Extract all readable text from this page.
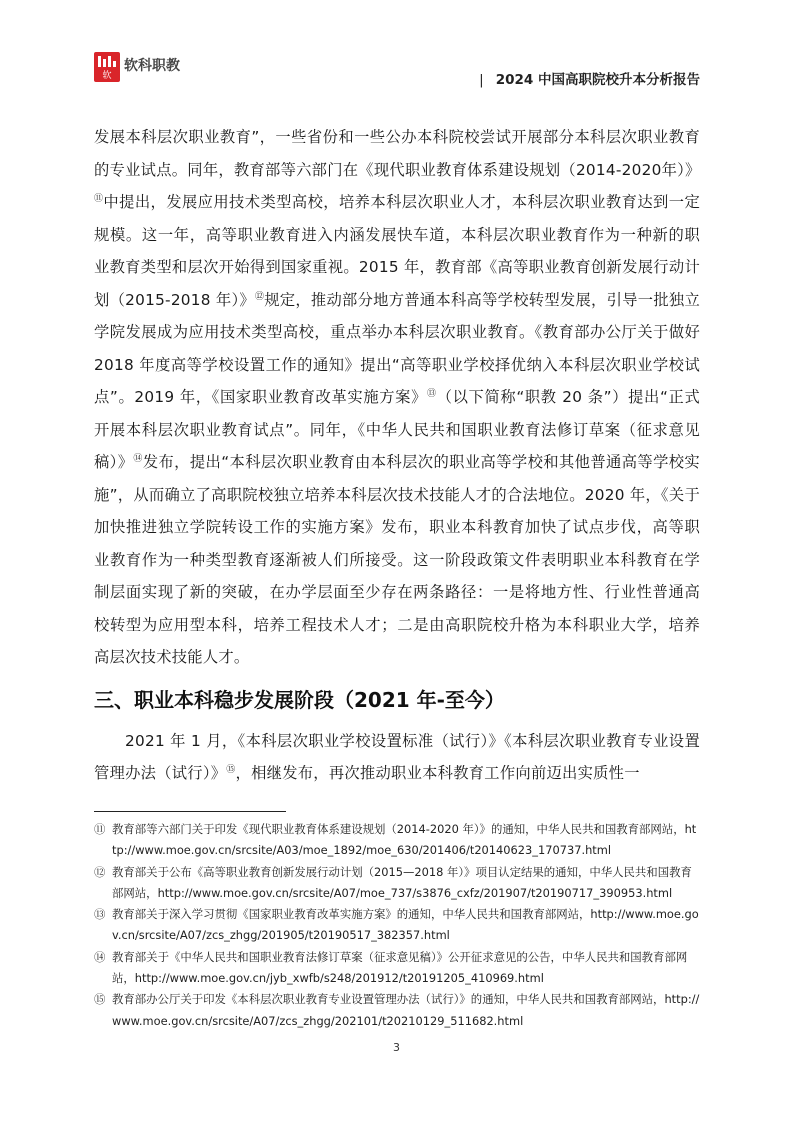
软
软科职教
| 2024 中国高职院校升本分析报告

发展本科层次职业教育”，一些省份和一些公办本科院校尝试开展部分本科层次职业教育的专业试点。同年，教育部等六部门在《现代职业教育体系建设规划（2014-2020年）》⑪中提出，发展应用技术类型高校，培养本科层次职业人才，本科层次职业教育达到一定规模。这一年，高等职业教育进入内涵发展快车道，本科层次职业教育作为一种新的职业教育类型和层次开始得到国家重视。2015 年，教育部《高等职业教育创新发展行动计划（2015-2018 年）》⑫规定，推动部分地方普通本科高等学校转型发展，引导一批独立学院发展成为应用技术类型高校，重点举办本科层次职业教育。《教育部办公厅关于做好 2018 年度高等学校设置工作的通知》提出“高等职业学校择优纳入本科层次职业学校试点”。2019 年，《国家职业教育改革实施方案》⑬（以下简称“职教 20 条”）提出“正式开展本科层次职业教育试点”。同年，《中华人民共和国职业教育法修订草案（征求意见稿）》⑭发布，提出“本科层次职业教育由本科层次的职业高等学校和其他普通高等学校实施”，从而确立了高职院校独立培养本科层次技术技能人才的合法地位。2020 年，《关于加快推进独立学院转设工作的实施方案》发布，职业本科教育加快了试点步伐，高等职业教育作为一种类型教育逐渐被人们所接受。这一阶段政策文件表明职业本科教育在学制层面实现了新的突破，在办学层面至少存在两条路径：一是将地方性、行业性普通高校转型为应用型本科，培养工程技术人才；二是由高职院校升格为本科职业大学，培养高层次技术技能人才。

三、职业本科稳步发展阶段（2021 年-至今）

2021 年 1 月，《本科层次职业学校设置标准（试行）》《本科层次职业教育专业设置管理办法（试行）》⑮，相继发布，再次推动职业本科教育工作向前迈出实质性一

⑪ 教育部等六部门关于印发《现代职业教育体系建设规划（2014-2020 年）》的通知，中华人民共和国教育部网站，http://www.moe.gov.cn/srcsite/A03/moe_1892/moe_630/201406/t20140623_170737.html
⑫ 教育部关于公布《高等职业教育创新发展行动计划（2015—2018 年）》项目认定结果的通知，中华人民共和国教育部网站，http://www.moe.gov.cn/srcsite/A07/moe_737/s3876_cxfz/201907/t20190717_390953.html
⑬ 教育部关于深入学习贯彻《国家职业教育改革实施方案》的通知，中华人民共和国教育部网站，http://www.moe.gov.cn/srcsite/A07/zcs_zhgg/201905/t20190517_382357.html
⑭ 教育部关于《中华人民共和国职业教育法修订草案（征求意见稿）》公开征求意见的公告，中华人民共和国教育部网站，http://www.moe.gov.cn/jyb_xwfb/s248/201912/t20191205_410969.html
⑮ 教育部办公厅关于印发《本科层次职业教育专业设置管理办法（试行）》的通知，中华人民共和国教育部网站，http://www.moe.gov.cn/srcsite/A07/zcs_zhgg/202101/t20210129_511682.html
3
